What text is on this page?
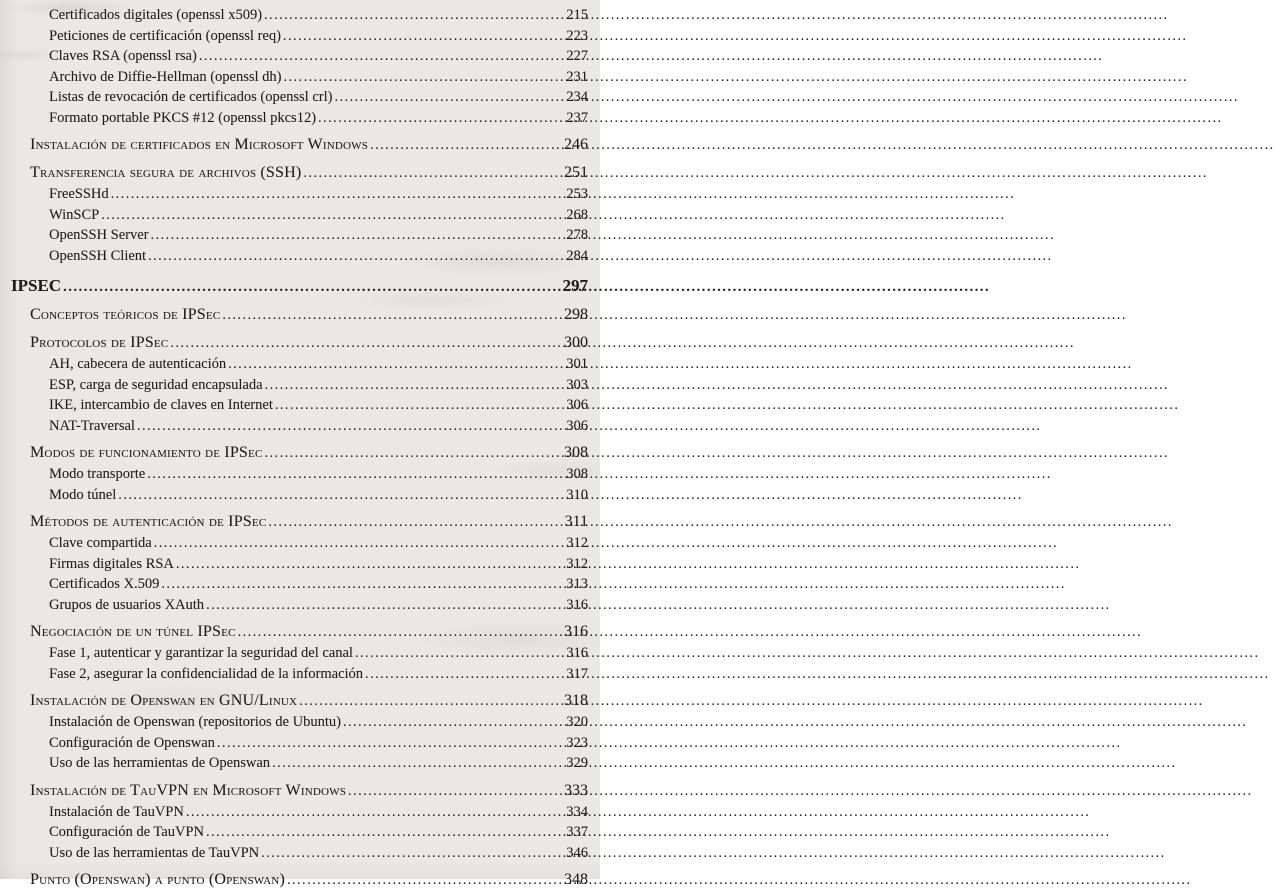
Certificados digitales (openssl x509) .....	215
Peticiones de certificación (openssl req) .....	223
Claves RSA (openssl rsa) .....	227
Archivo de Diffie-Hellman (openssl dh) .....	231
Listas de revocación de certificados (openssl crl) .....	234
Formato portable PKCS #12 (openssl pkcs12) .....	237
Instalación de certificados en Microsoft Windows .....	246
Transferencia segura de archivos (SSH) .....	251
FreeSSHd .....	253
WinSCP .....	268
OpenSSH Server .....	278
OpenSSH Client .....	284
IPSEC .....	297
Conceptos teóricos de IPSec .....	298
Protocolos de IPSec .....	300
AH, cabecera de autenticación .....	301
ESP, carga de seguridad encapsulada .....	303
IKE, intercambio de claves en Internet .....	306
NAT-Traversal .....	306
Modos de funcionamiento de IPSec .....	308
Modo transporte .....	308
Modo túnel .....	310
Métodos de autenticación de IPSec .....	311
Clave compartida .....	312
Firmas digitales RSA .....	312
Certificados X.509 .....	313
Grupos de usuarios XAuth .....	316
Negociación de un túnel IPSec .....	316
Fase 1, autenticar y garantizar la seguridad del canal .....	316
Fase 2, asegurar la confidencialidad de la información .....	317
Instalación de Openswan en GNU/Linux .....	318
Instalación de Openswan (repositorios de Ubuntu) .....	320
Configuración de Openswan .....	323
Uso de las herramientas de Openswan .....	329
Instalación de TauVPN en Microsoft Windows .....	333
Instalación de TauVPN .....	334
Configuración de TauVPN .....	337
Uso de las herramientas de TauVPN .....	346
Punto (Openswan) a punto (Openswan) .....	348
